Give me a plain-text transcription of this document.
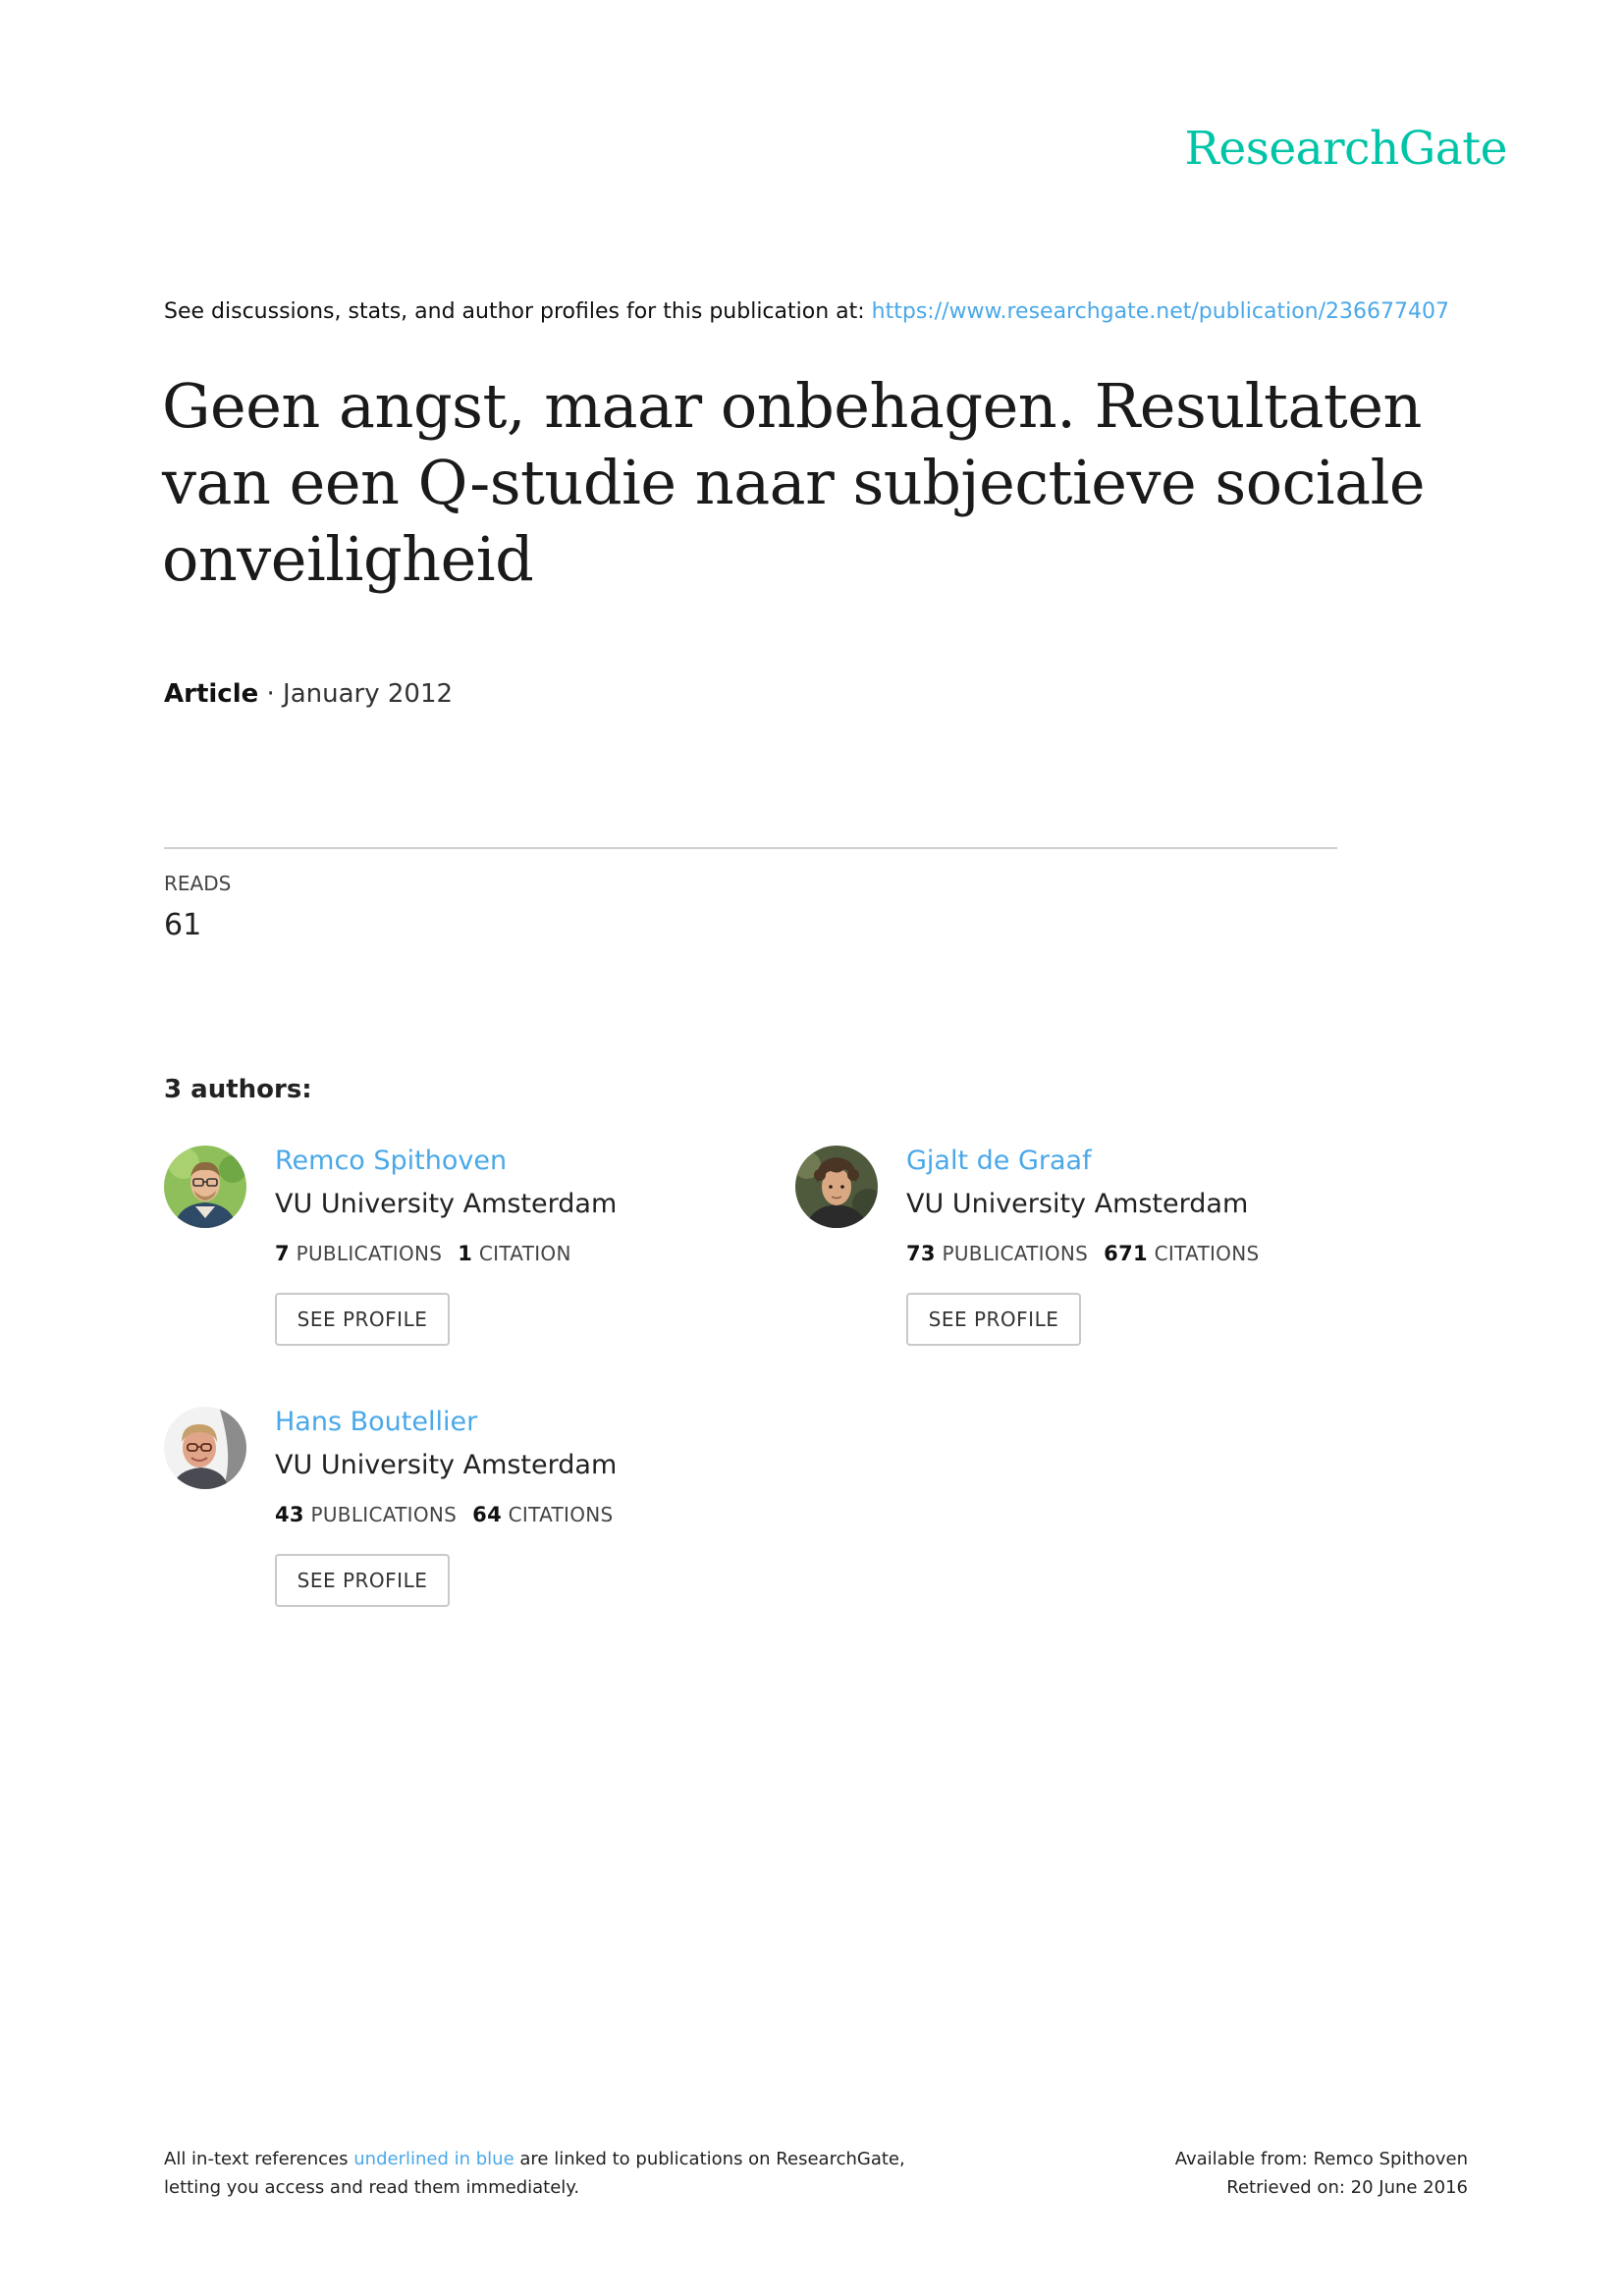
ResearchGate
See discussions, stats, and author profiles for this publication at: https://www.researchgate.net/publication/236677407
Geen angst, maar onbehagen. Resultaten van een Q-studie naar subjectieve sociale onveiligheid
Article · January 2012
READS
61
3 authors:
Remco Spithoven
VU University Amsterdam
7 PUBLICATIONS 1 CITATION
SEE PROFILE
Gjalt de Graaf
VU University Amsterdam
73 PUBLICATIONS 671 CITATIONS
SEE PROFILE
Hans Boutellier
VU University Amsterdam
43 PUBLICATIONS 64 CITATIONS
SEE PROFILE
All in-text references underlined in blue are linked to publications on ResearchGate,
letting you access and read them immediately.
Available from: Remco Spithoven
Retrieved on: 20 June 2016
